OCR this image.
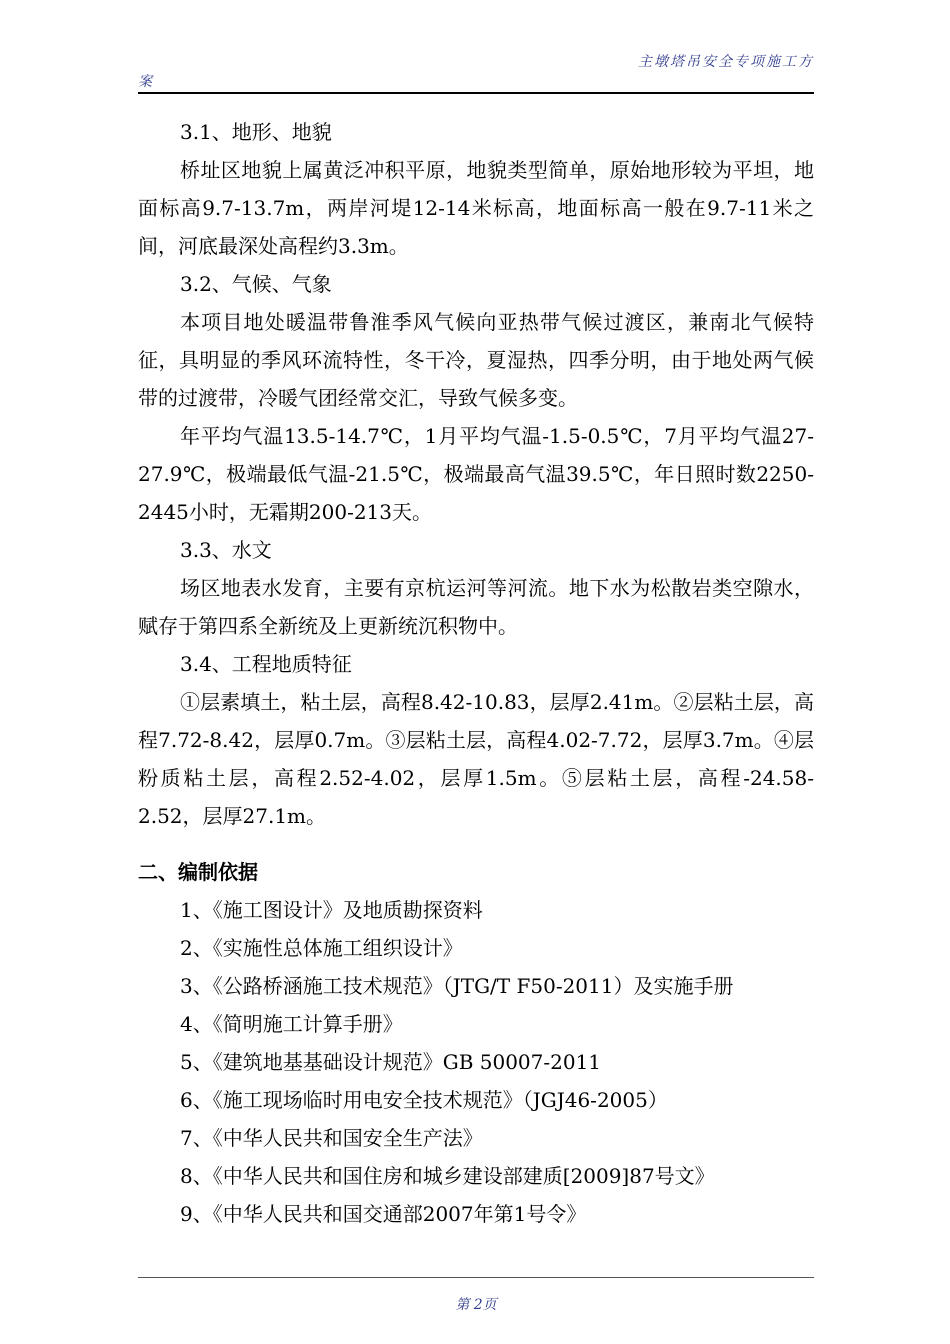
主墩塔吊安全专项施工方
案

3.1、地形、地貌

桥址区地貌上属黄泛冲积平原，地貌类型简单，原始地形较为平坦，地面标高9.7-13.7m，两岸河堤12-14米标高，地面标高一般在9.7-11米之间，河底最深处高程约3.3m。

3.2、气候、气象

本项目地处暖温带鲁淮季风气候向亚热带气候过渡区，兼南北气候特征，具明显的季风环流特性，冬干冷，夏湿热，四季分明，由于地处两气候带的过渡带，冷暖气团经常交汇，导致气候多变。

年平均气温13.5-14.7℃，1月平均气温-1.5-0.5℃，7月平均气温27-27.9℃，极端最低气温-21.5℃，极端最高气温39.5℃，年日照时数2250-2445小时，无霜期200-213天。

3.3、水文

场区地表水发育，主要有京杭运河等河流。地下水为松散岩类空隙水，赋存于第四系全新统及上更新统沉积物中。

3.4、工程地质特征

①层素填土，粘土层，高程8.42-10.83，层厚2.41m。②层粘土层，高程7.72-8.42，层厚0.7m。③层粘土层，高程4.02-7.72，层厚3.7m。④层粉质粘土层，高程2.52-4.02，层厚1.5m。⑤层粘土层，高程-24.58-2.52，层厚27.1m。

二、编制依据

1、《施工图设计》及地质勘探资料
2、《实施性总体施工组织设计》
3、《公路桥涵施工技术规范》（JTG/T F50-2011）及实施手册
4、《简明施工计算手册》
5、《建筑地基基础设计规范》GB 50007-2011
6、《施工现场临时用电安全技术规范》（JGJ46-2005）
7、《中华人民共和国安全生产法》
8、《中华人民共和国住房和城乡建设部建质[2009]87号文》
9、《中华人民共和国交通部2007年第1号令》
第 2页
